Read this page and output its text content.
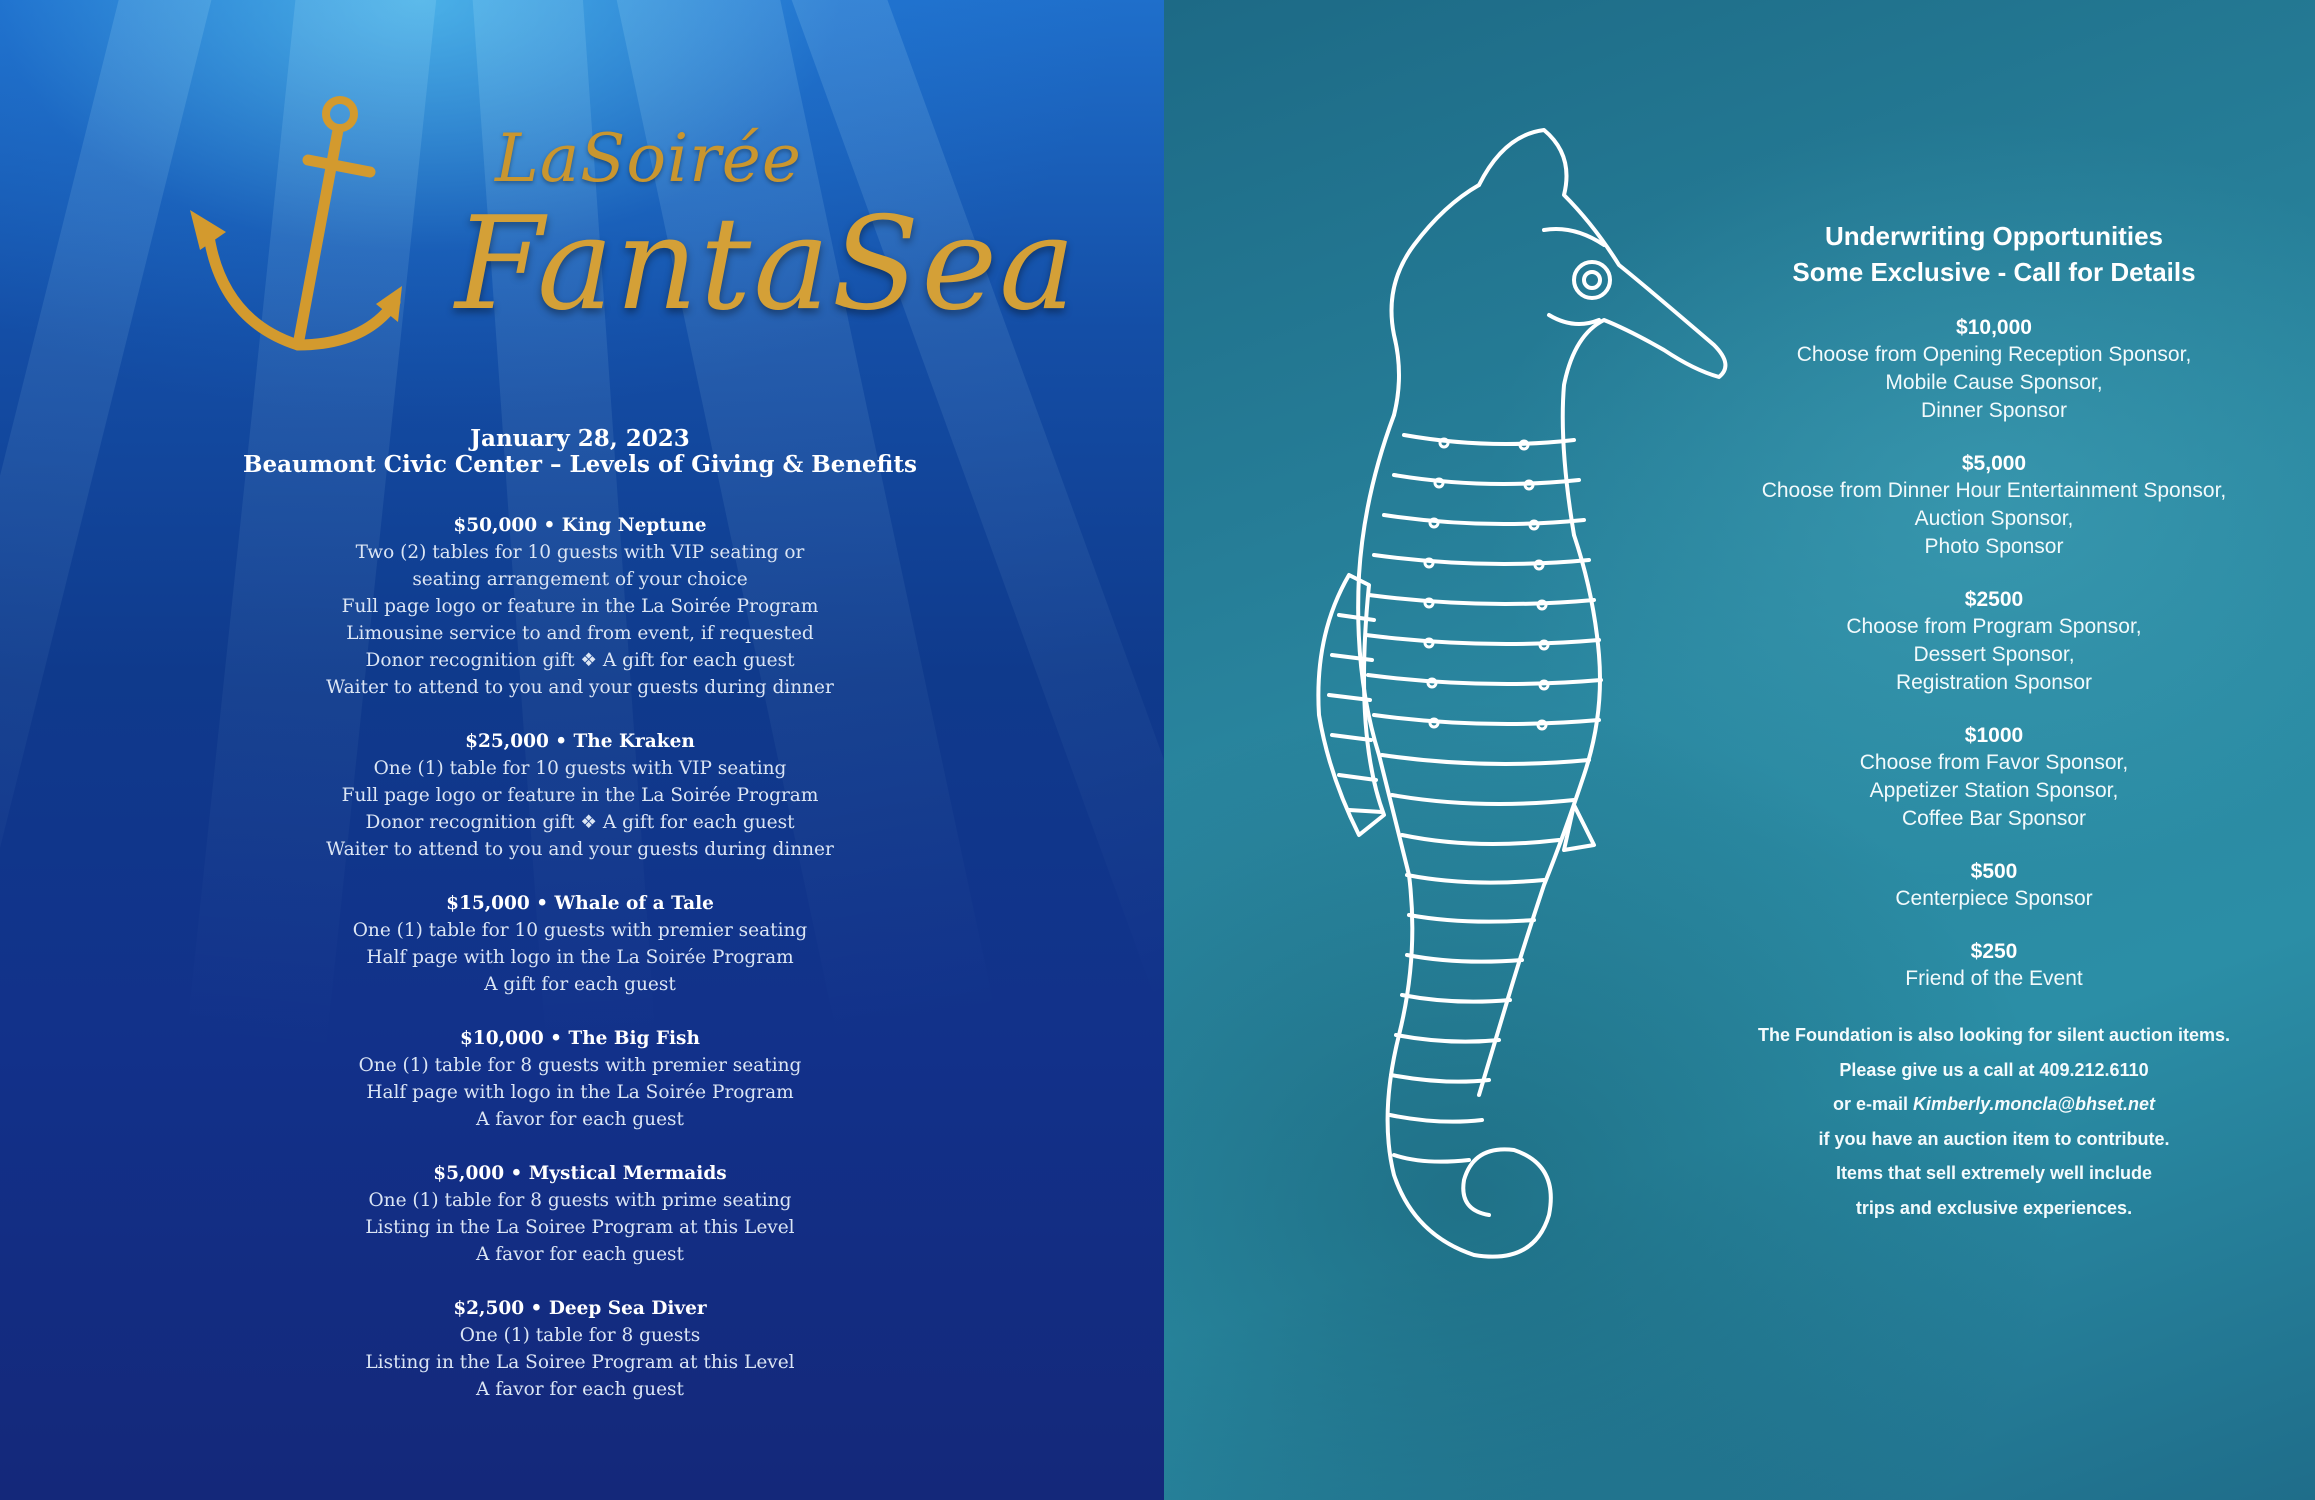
LaSoirée
FantaSea
January 28, 2023
Beaumont Civic Center – Levels of Giving & Benefits
$50,000 • King Neptune
Two (2) tables for 10 guests with VIP seating or
seating arrangement of your choice
Full page logo or feature in the La Soirée Program
Limousine service to and from event, if requested
Donor recognition gift ❖ A gift for each guest
Waiter to attend to you and your guests during dinner
$25,000 • The Kraken
One (1) table for 10 guests with VIP seating
Full page logo or feature in the La Soirée Program
Donor recognition gift ❖ A gift for each guest
Waiter to attend to you and your guests during dinner
$15,000 • Whale of a Tale
One (1) table for 10 guests with premier seating
Half page with logo in the La Soirée Program
A gift for each guest
$10,000 • The Big Fish
One (1) table for 8 guests with premier seating
Half page with logo in the La Soirée Program
A favor for each guest
$5,000 • Mystical Mermaids
One (1) table for 8 guests with prime seating
Listing in the La Soiree Program at this Level
A favor for each guest
$2,500 • Deep Sea Diver
One (1) table for 8 guests
Listing in the La Soiree Program at this Level
A favor for each guest
Underwriting Opportunities
Some Exclusive - Call for Details
$10,000
Choose from Opening Reception Sponsor,
Mobile Cause Sponsor,
Dinner Sponsor
$5,000
Choose from Dinner Hour Entertainment Sponsor,
Auction Sponsor,
Photo Sponsor
$2500
Choose from Program Sponsor,
Dessert Sponsor,
Registration Sponsor
$1000
Choose from Favor Sponsor,
Appetizer Station Sponsor,
Coffee Bar Sponsor
$500
Centerpiece Sponsor
$250
Friend of the Event
The Foundation is also looking for silent auction items.
Please give us a call at 409.212.6110
or e-mail Kimberly.moncla@bhset.net
if you have an auction item to contribute.
Items that sell extremely well include
trips and exclusive experiences.
